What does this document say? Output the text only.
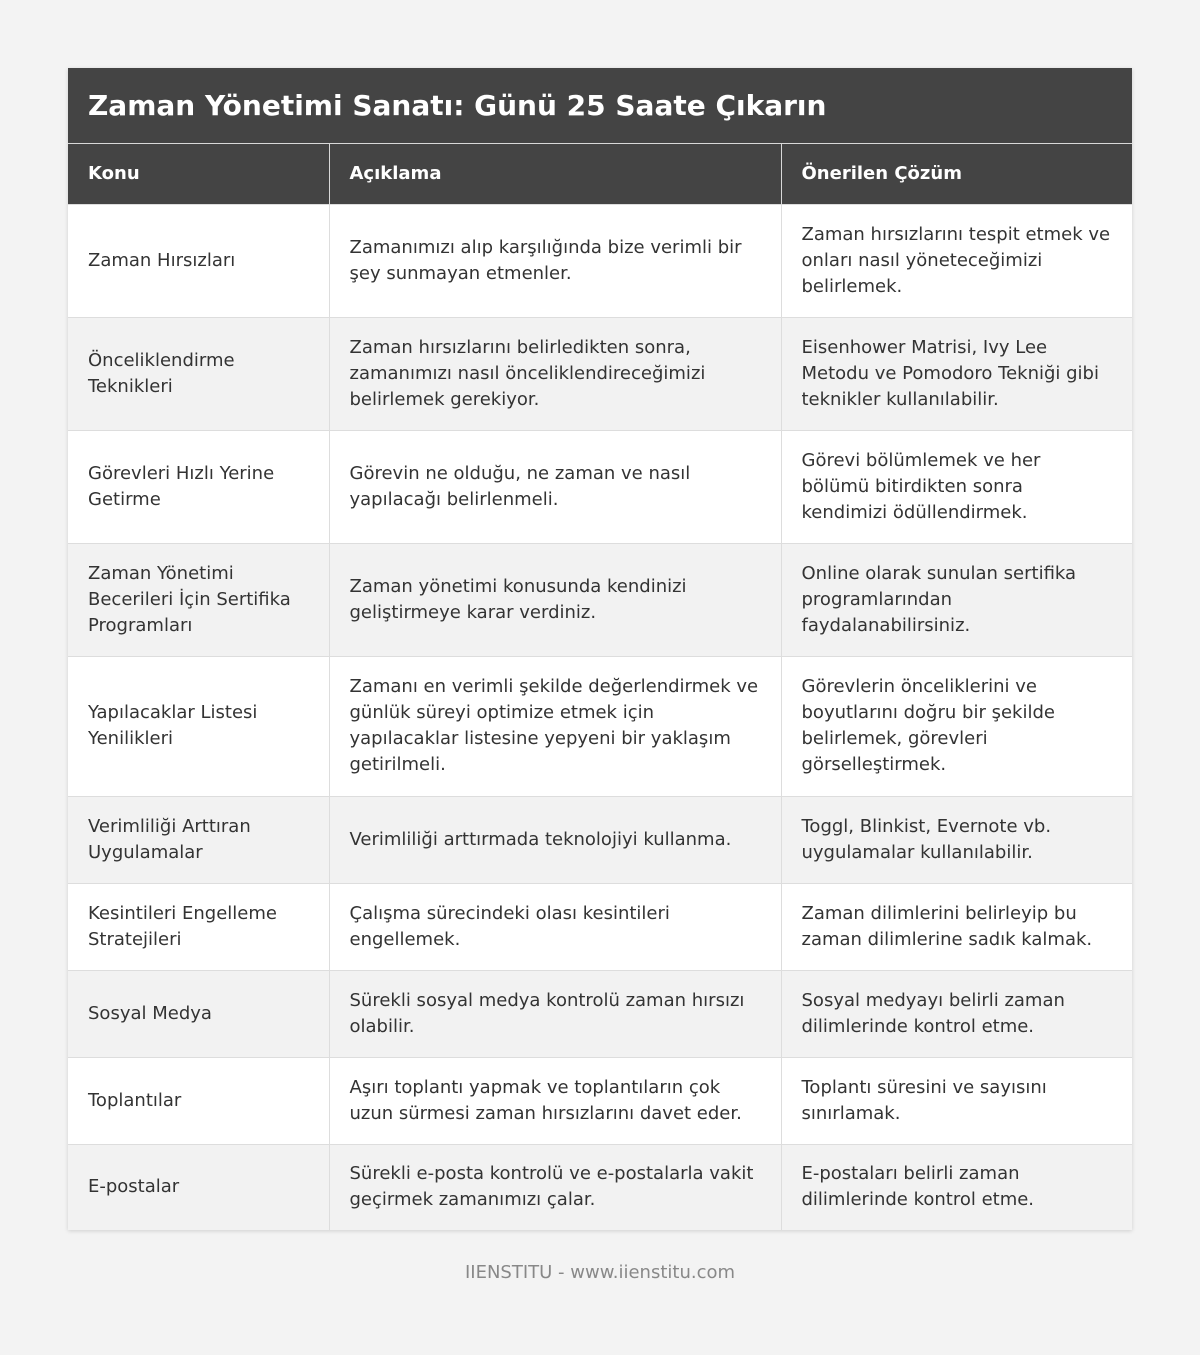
Zaman Yönetimi Sanatı: Günü 25 Saate Çıkarın
Konu	Açıklama	Önerilen Çözüm
Zaman Hırsızları	Zamanımızı alıp karşılığında bize verimli bir şey sunmayan etmenler.	Zaman hırsızlarını tespit etmek ve onları nasıl yöneteceğimizi belirlemek.
Önceliklendirme Teknikleri	Zaman hırsızlarını belirledikten sonra, zamanımızı nasıl önceliklendireceğimizi belirlemek gerekiyor.	Eisenhower Matrisi, Ivy Lee Metodu ve Pomodoro Tekniği gibi teknikler kullanılabilir.
Görevleri Hızlı Yerine Getirme	Görevin ne olduğu, ne zaman ve nasıl yapılacağı belirlenmeli.	Görevi bölümlemek ve her bölümü bitirdikten sonra kendimizi ödüllendirmek.
Zaman Yönetimi Becerileri İçin Sertifika Programları	Zaman yönetimi konusunda kendinizi geliştirmeye karar verdiniz.	Online olarak sunulan sertifika programlarından faydalanabilirsiniz.
Yapılacaklar Listesi Yenilikleri	Zamanı en verimli şekilde değerlendirmek ve günlük süreyi optimize etmek için yapılacaklar listesine yepyeni bir yaklaşım getirilmeli.	Görevlerin önceliklerini ve boyutlarını doğru bir şekilde belirlemek, görevleri görselleştirmek.
Verimliliği Arttıran Uygulamalar	Verimliliği arttırmada teknolojiyi kullanma.	Toggl, Blinkist, Evernote vb. uygulamalar kullanılabilir.
Kesintileri Engelleme Stratejileri	Çalışma sürecindeki olası kesintileri engellemek.	Zaman dilimlerini belirleyip bu zaman dilimlerine sadık kalmak.
Sosyal Medya	Sürekli sosyal medya kontrolü zaman hırsızı olabilir.	Sosyal medyayı belirli zaman dilimlerinde kontrol etme.
Toplantılar	Aşırı toplantı yapmak ve toplantıların çok uzun sürmesi zaman hırsızlarını davet eder.	Toplantı süresini ve sayısını sınırlamak.
E-postalar	Sürekli e-posta kontrolü ve e-postalarla vakit geçirmek zamanımızı çalar.	E-postaları belirli zaman dilimlerinde kontrol etme.
IIENSTITU - www.iienstitu.com
